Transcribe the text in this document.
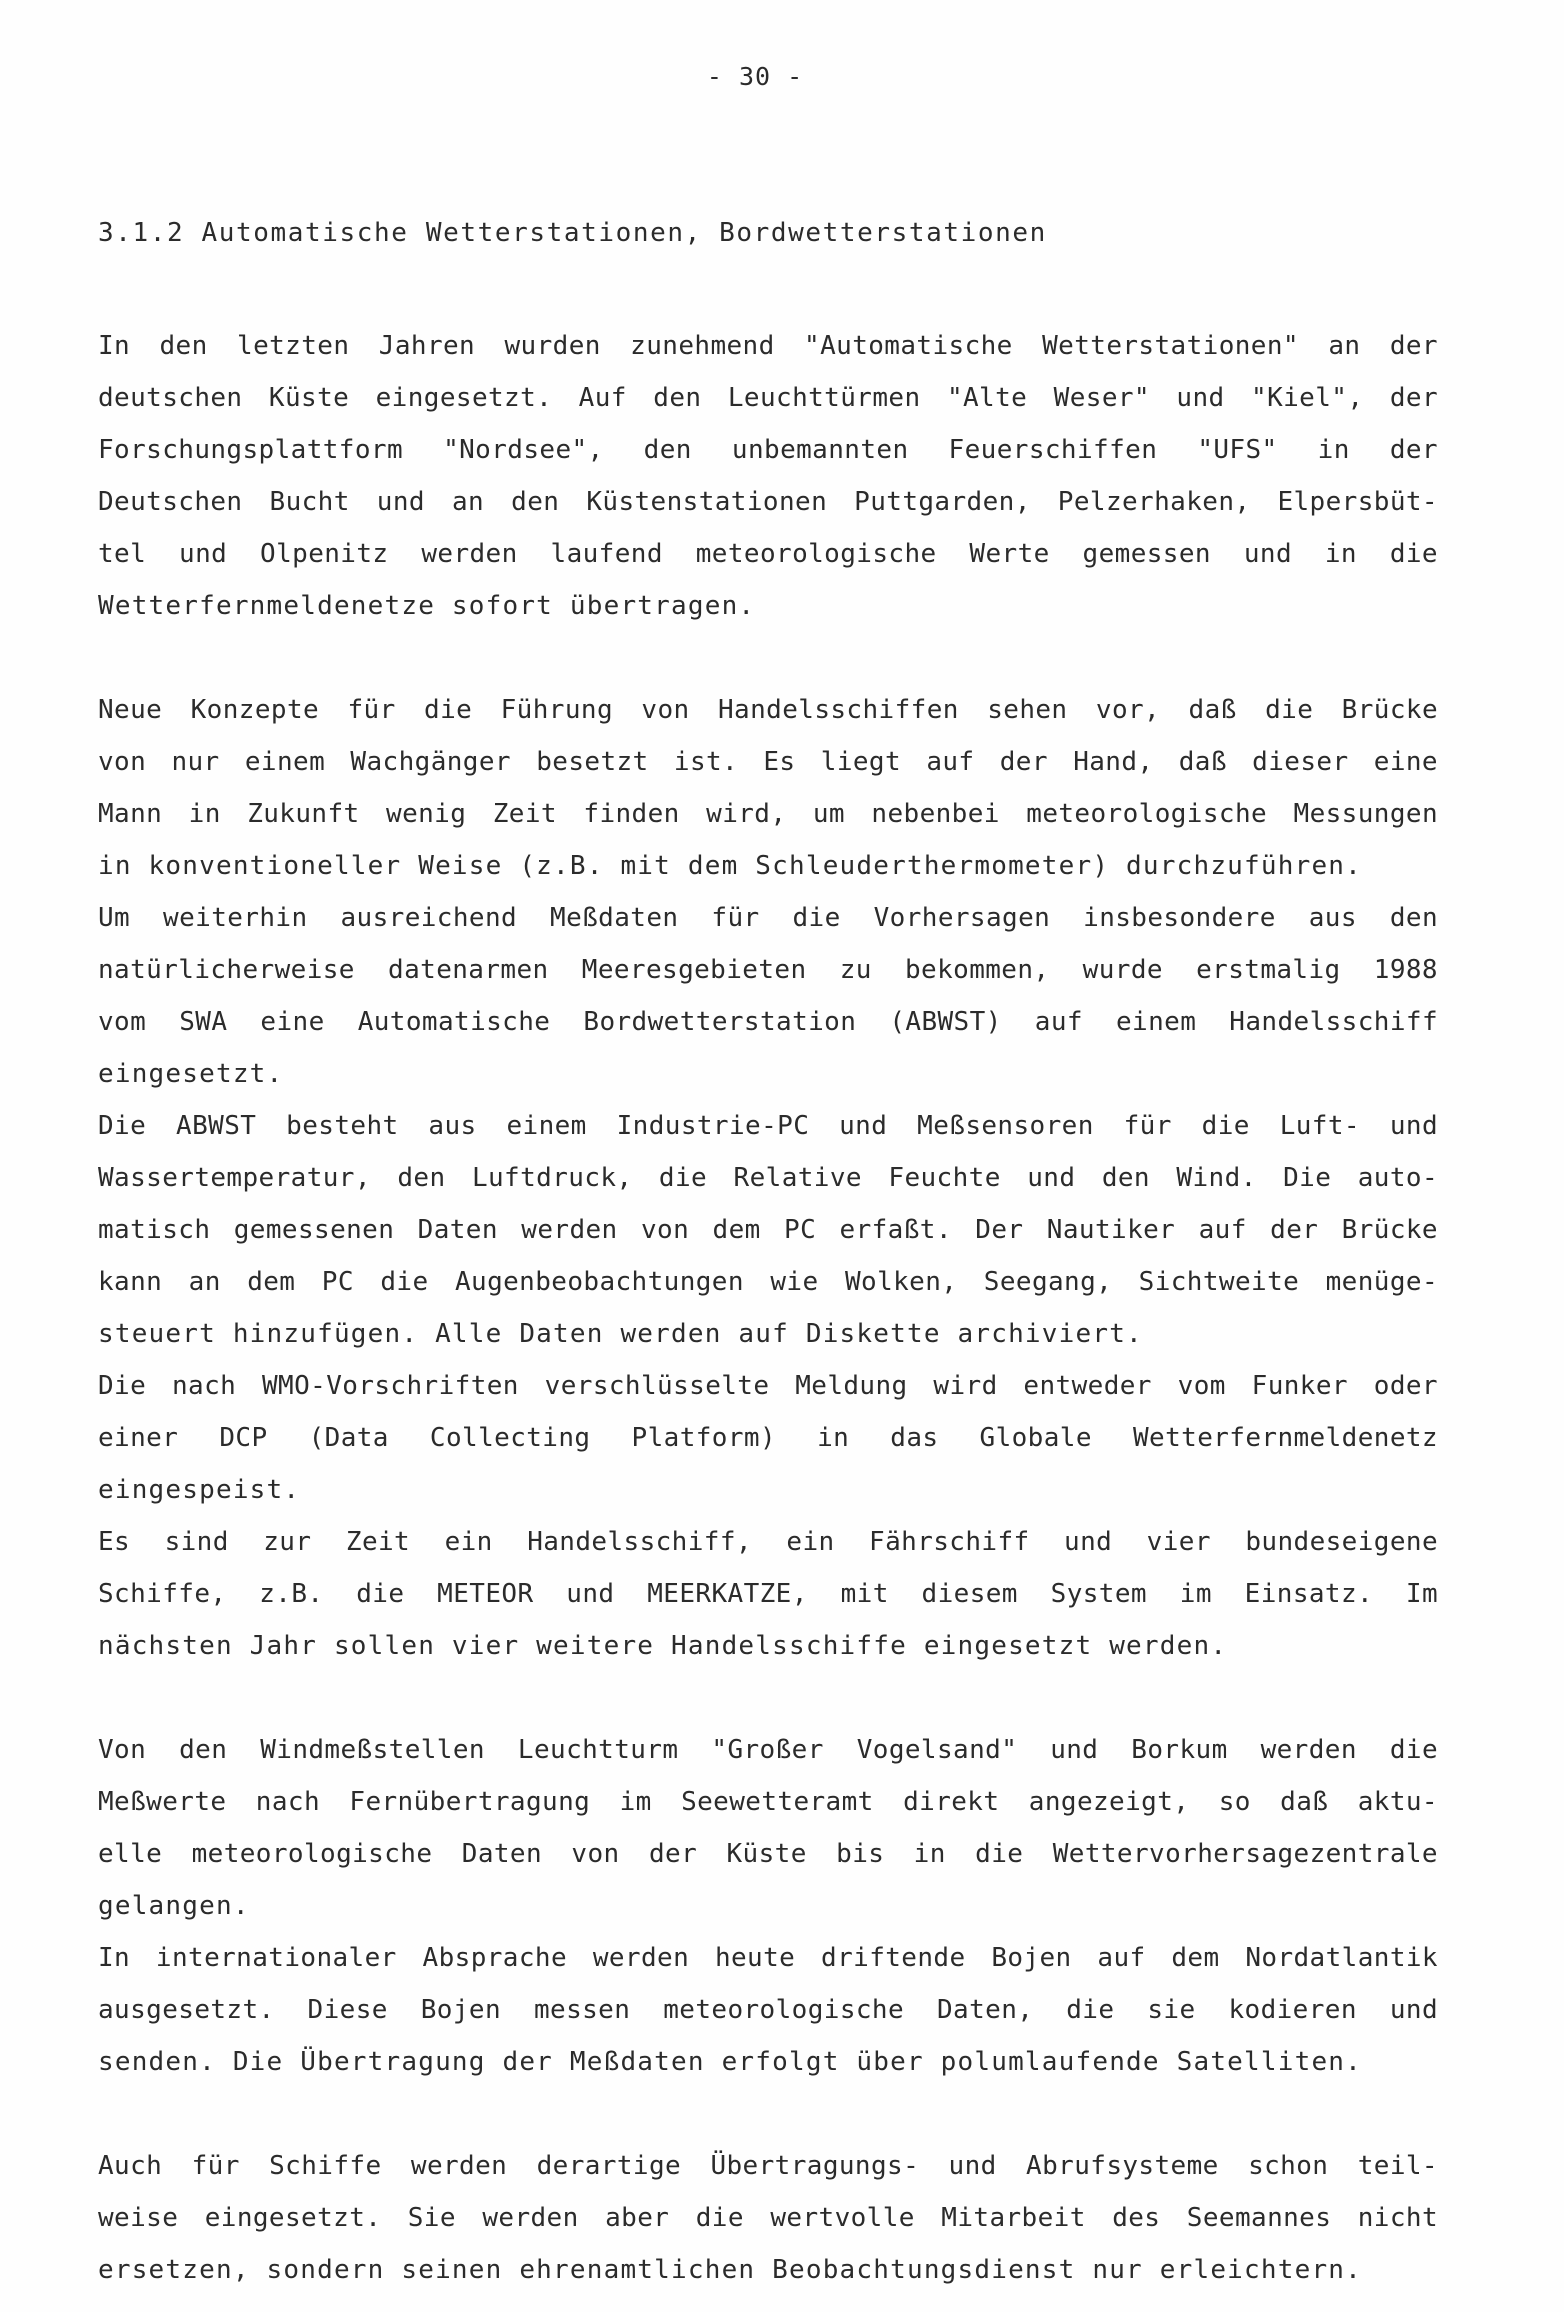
- 30 -
3.1.2 Automatische Wetterstationen, Bordwetterstationen
In den letzten Jahren wurden zunehmend "Automatische Wetterstationen" an der
deutschen Küste eingesetzt. Auf den Leuchttürmen "Alte Weser" und "Kiel", der
Forschungsplattform "Nordsee", den unbemannten Feuerschiffen "UFS" in der
Deutschen Bucht und an den Küstenstationen Puttgarden, Pelzerhaken, Elpersbüt-
tel und Olpenitz werden laufend meteorologische Werte gemessen und in die
Wetterfernmeldenetze sofort übertragen.
Neue Konzepte für die Führung von Handelsschiffen sehen vor, daß die Brücke
von nur einem Wachgänger besetzt ist. Es liegt auf der Hand, daß dieser eine
Mann in Zukunft wenig Zeit finden wird, um nebenbei meteorologische Messungen
in konventioneller Weise (z.B. mit dem Schleuderthermometer) durchzuführen.
Um weiterhin ausreichend Meßdaten für die Vorhersagen insbesondere aus den
natürlicherweise datenarmen Meeresgebieten zu bekommen, wurde erstmalig 1988
vom SWA eine Automatische Bordwetterstation (ABWST) auf einem Handelsschiff
eingesetzt.
Die ABWST besteht aus einem Industrie-PC und Meßsensoren für die Luft- und
Wassertemperatur, den Luftdruck, die Relative Feuchte und den Wind. Die auto-
matisch gemessenen Daten werden von dem PC erfaßt. Der Nautiker auf der Brücke
kann an dem PC die Augenbeobachtungen wie Wolken, Seegang, Sichtweite menüge-
steuert hinzufügen. Alle Daten werden auf Diskette archiviert.
Die nach WMO-Vorschriften verschlüsselte Meldung wird entweder vom Funker oder
einer DCP (Data Collecting Platform) in das Globale Wetterfernmeldenetz
eingespeist.
Es sind zur Zeit ein Handelsschiff, ein Fährschiff und vier bundeseigene
Schiffe, z.B. die METEOR und MEERKATZE, mit diesem System im Einsatz. Im
nächsten Jahr sollen vier weitere Handelsschiffe eingesetzt werden.
Von den Windmeßstellen Leuchtturm "Großer Vogelsand" und Borkum werden die
Meßwerte nach Fernübertragung im Seewetteramt direkt angezeigt, so daß aktu-
elle meteorologische Daten von der Küste bis in die Wettervorhersagezentrale
gelangen.
In internationaler Absprache werden heute driftende Bojen auf dem Nordatlantik
ausgesetzt. Diese Bojen messen meteorologische Daten, die sie kodieren und
senden. Die Übertragung der Meßdaten erfolgt über polumlaufende Satelliten.
Auch für Schiffe werden derartige Übertragungs- und Abrufsysteme schon teil-
weise eingesetzt. Sie werden aber die wertvolle Mitarbeit des Seemannes nicht
ersetzen, sondern seinen ehrenamtlichen Beobachtungsdienst nur erleichtern.
